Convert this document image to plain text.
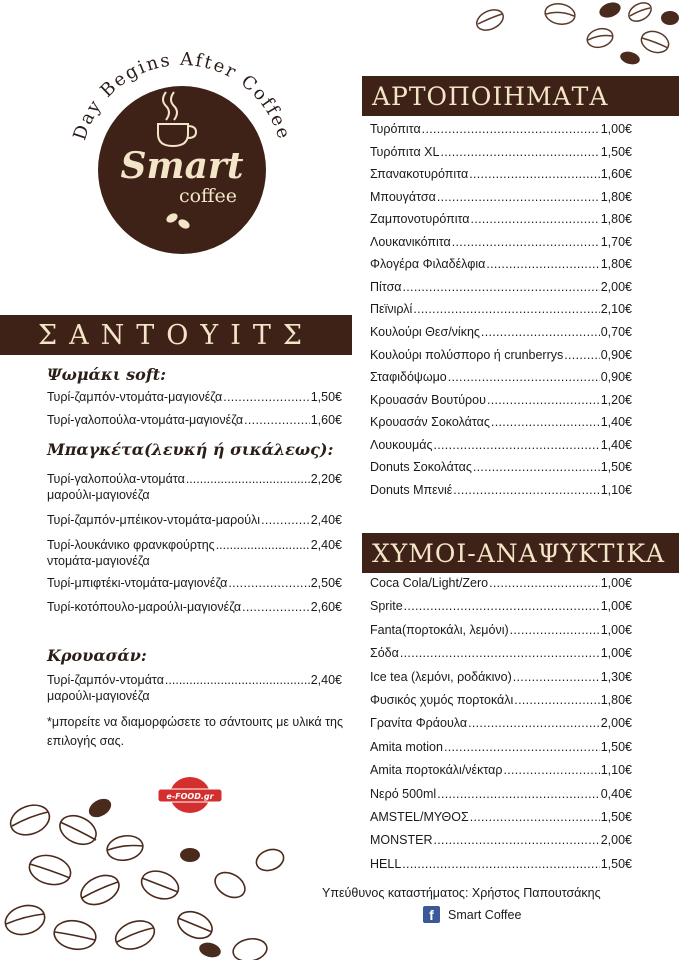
Day Begins After Coffe
Smart
coffee
ΣΑΝΤΟΥΙΤΣ
Ψωμάκι soft:
Τυρί-ζαμπόν-ντομάτα-μαγιονέζα .....	1,50€
Τυρί-γαλοπούλα-ντομάτα-μαγιονέζα .....	1,60€
Μπαγκέτα(λευκή ή σικάλεως):
Τυρί-γαλοπούλα-ντομάτα .....	2,20€
μαρούλι-μαγιονέζα
Τυρί-ζαμπόν-μπέικον-ντομάτα-μαρούλι .....	2,40€
Τυρί-λουκάνικο φρανκφούρτης .....	2,40€
ντομάτα-μαγιονέζα
Τυρί-μπιφτέκι-ντομάτα-μαγιονέζα .....	2,50€
Τυρί-κοτόπουλο-μαρούλι-μαγιονέζα .....	2,60€
Κρουασάν:
Τυρί-ζαμπόν-ντομάτα .....	2,40€
μαρούλι-μαγιονέζα
*μπορείτε να διαμορφώσετε το σάντουιτς με υλικά της επιλογής σας.
e-FOOD.gr
ΑΡΤΟΠΟΙΗΜΑΤΑ
Τυρόπιτα .....	1,00€
Τυρόπιτα XL .....	1,50€
Σπανακοτυρόπιτα .....	1,60€
Μπουγάτσα .....	1,80€
Ζαμπονοτυρόπιτα .....	1,80€
Λουκανικόπιτα .....	1,70€
Φλογέρα Φιλαδέλφια .....	1,80€
Πίτσα .....	2,00€
Πεϊνιρλί .....	2,10€
Κουλούρι Θεσ/νίκης .....	0,70€
Κουλούρι πολύσπορο ή crunberrys .....	0,90€
Σταφιδόψωμο .....	0,90€
Κρουασάν Βουτύρου .....	1,20€
Κρουασάν Σοκολάτας .....	1,40€
Λουκουμάς .....	1,40€
Donuts Σοκολάτας .....	1,50€
Donuts Μπενιέ .....	1,10€
ΧΥΜΟΙ-ΑΝΑΨΥΚΤΙΚΑ
Coca Cola/Light/Zero .....	1,00€
Sprite .....	1,00€
Fanta(πορτοκάλι, λεμόνι) .....	1,00€
Σόδα .....	1,00€
Ice tea (λεμόνι, ροδάκινο) .....	1,30€
Φυσικός χυμός πορτοκάλι .....	1,80€
Γρανίτα Φράουλα .....	2,00€
Amita motion .....	1,50€
Amita πορτοκάλι/νέκταρ .....	1,10€
Νερό 500ml .....	0,40€
AMSTEL/ΜΥΘΟΣ .....	1,50€
MONSTER .....	2,00€
HELL .....	1,50€
Υπεύθυνος καταστήματος: Χρήστος Παπουτσάκης
f	Smart Coffee
